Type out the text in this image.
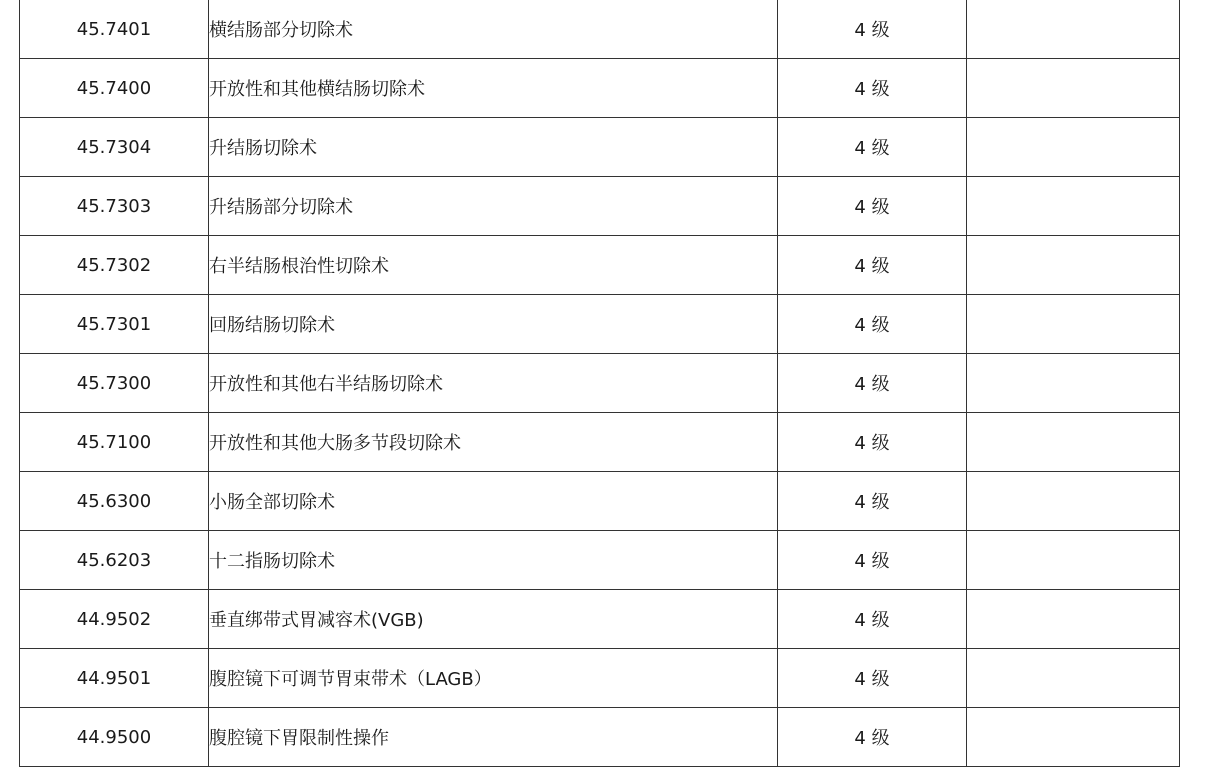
45.7401	横结肠部分切除术	4 级	
45.7400	开放性和其他横结肠切除术	4 级	
45.7304	升结肠切除术	4 级	
45.7303	升结肠部分切除术	4 级	
45.7302	右半结肠根治性切除术	4 级	
45.7301	回肠结肠切除术	4 级	
45.7300	开放性和其他右半结肠切除术	4 级	
45.7100	开放性和其他大肠多节段切除术	4 级	
45.6300	小肠全部切除术	4 级	
45.6203	十二指肠切除术	4 级	
44.9502	垂直绑带式胃减容术(VGB)	4 级	
44.9501	腹腔镜下可调节胃束带术（LAGB）	4 级	
44.9500	腹腔镜下胃限制性操作	4 级	
